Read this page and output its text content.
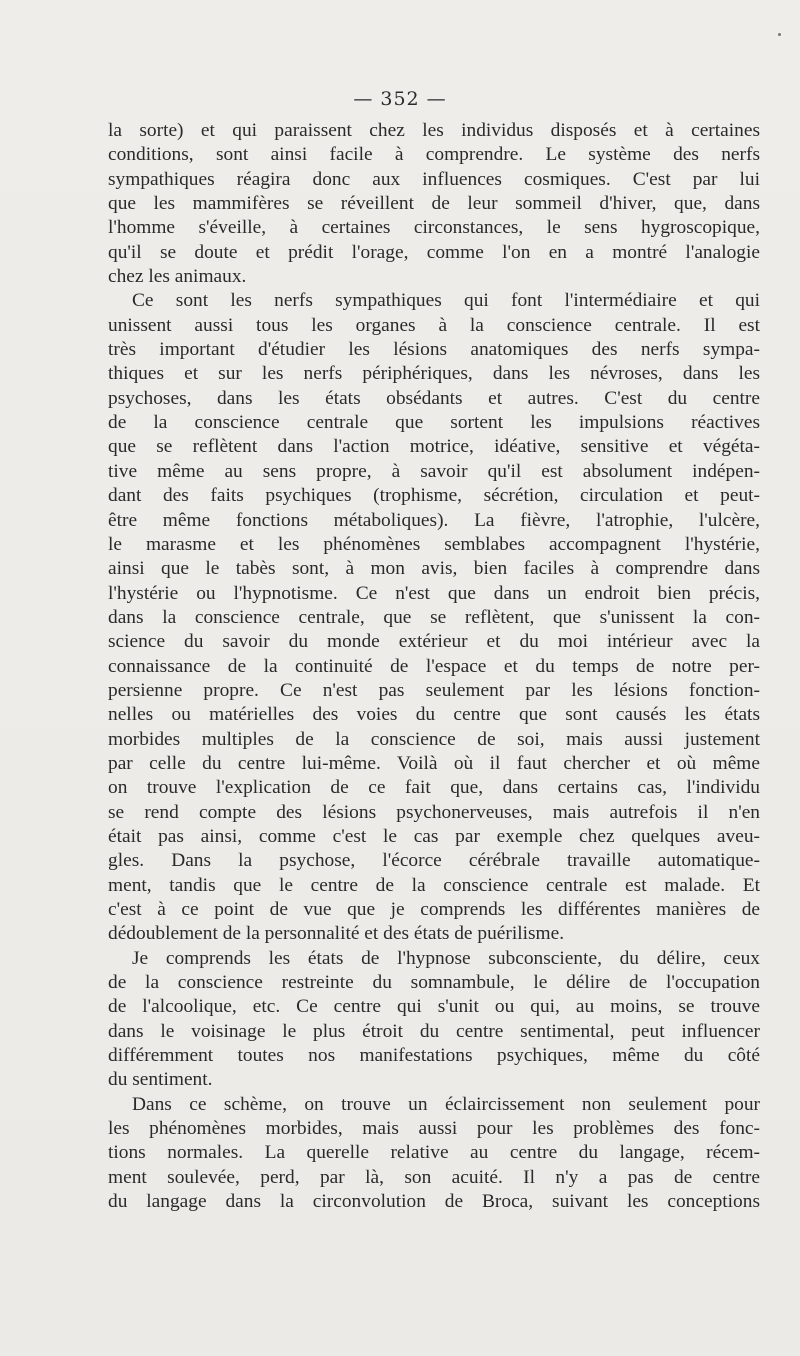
— 352 —
la sorte) et qui paraissent chez les individus disposés et à certaines
conditions, sont ainsi facile à comprendre. Le système des nerfs
sympathiques réagira donc aux influences cosmiques. C'est par lui
que les mammifères se réveillent de leur sommeil d'hiver, que, dans
l'homme s'éveille, à certaines circonstances, le sens hygroscopique,
qu'il se doute et prédit l'orage, comme l'on en a montré l'analogie
chez les animaux.
Ce sont les nerfs sympathiques qui font l'intermédiaire et qui
unissent aussi tous les organes à la conscience centrale. Il est
très important d'étudier les lésions anatomiques des nerfs sympa-
thiques et sur les nerfs périphériques, dans les névroses, dans les
psychoses, dans les états obsédants et autres. C'est du centre
de la conscience centrale que sortent les impulsions réactives
que se reflètent dans l'action motrice, idéative, sensitive et végéta-
tive même au sens propre, à savoir qu'il est absolument indépen-
dant des faits psychiques (trophisme, sécrétion, circulation et peut-
être même fonctions métaboliques). La fièvre, l'atrophie, l'ulcère,
le marasme et les phénomènes semblabes accompagnent l'hystérie,
ainsi que le tabès sont, à mon avis, bien faciles à comprendre dans
l'hystérie ou l'hypnotisme. Ce n'est que dans un endroit bien précis,
dans la conscience centrale, que se reflètent, que s'unissent la con-
science du savoir du monde extérieur et du moi intérieur avec la
connaissance de la continuité de l'espace et du temps de notre per-
persienne propre. Ce n'est pas seulement par les lésions fonction-
nelles ou matérielles des voies du centre que sont causés les états
morbides multiples de la conscience de soi, mais aussi justement
par celle du centre lui-même. Voilà où il faut chercher et où même
on trouve l'explication de ce fait que, dans certains cas, l'individu
se rend compte des lésions psychonerveuses, mais autrefois il n'en
était pas ainsi, comme c'est le cas par exemple chez quelques aveu-
gles. Dans la psychose, l'écorce cérébrale travaille automatique-
ment, tandis que le centre de la conscience centrale est malade. Et
c'est à ce point de vue que je comprends les différentes manières de
dédoublement de la personnalité et des états de puérilisme.
Je comprends les états de l'hypnose subconsciente, du délire, ceux
de la conscience restreinte du somnambule, le délire de l'occupation
de l'alcoolique, etc. Ce centre qui s'unit ou qui, au moins, se trouve
dans le voisinage le plus étroit du centre sentimental, peut influencer
différemment toutes nos manifestations psychiques, même du côté
du sentiment.
Dans ce schème, on trouve un éclaircissement non seulement pour
les phénomènes morbides, mais aussi pour les problèmes des fonc-
tions normales. La querelle relative au centre du langage, récem-
ment soulevée, perd, par là, son acuité. Il n'y a pas de centre
du langage dans la circonvolution de Broca, suivant les conceptions
